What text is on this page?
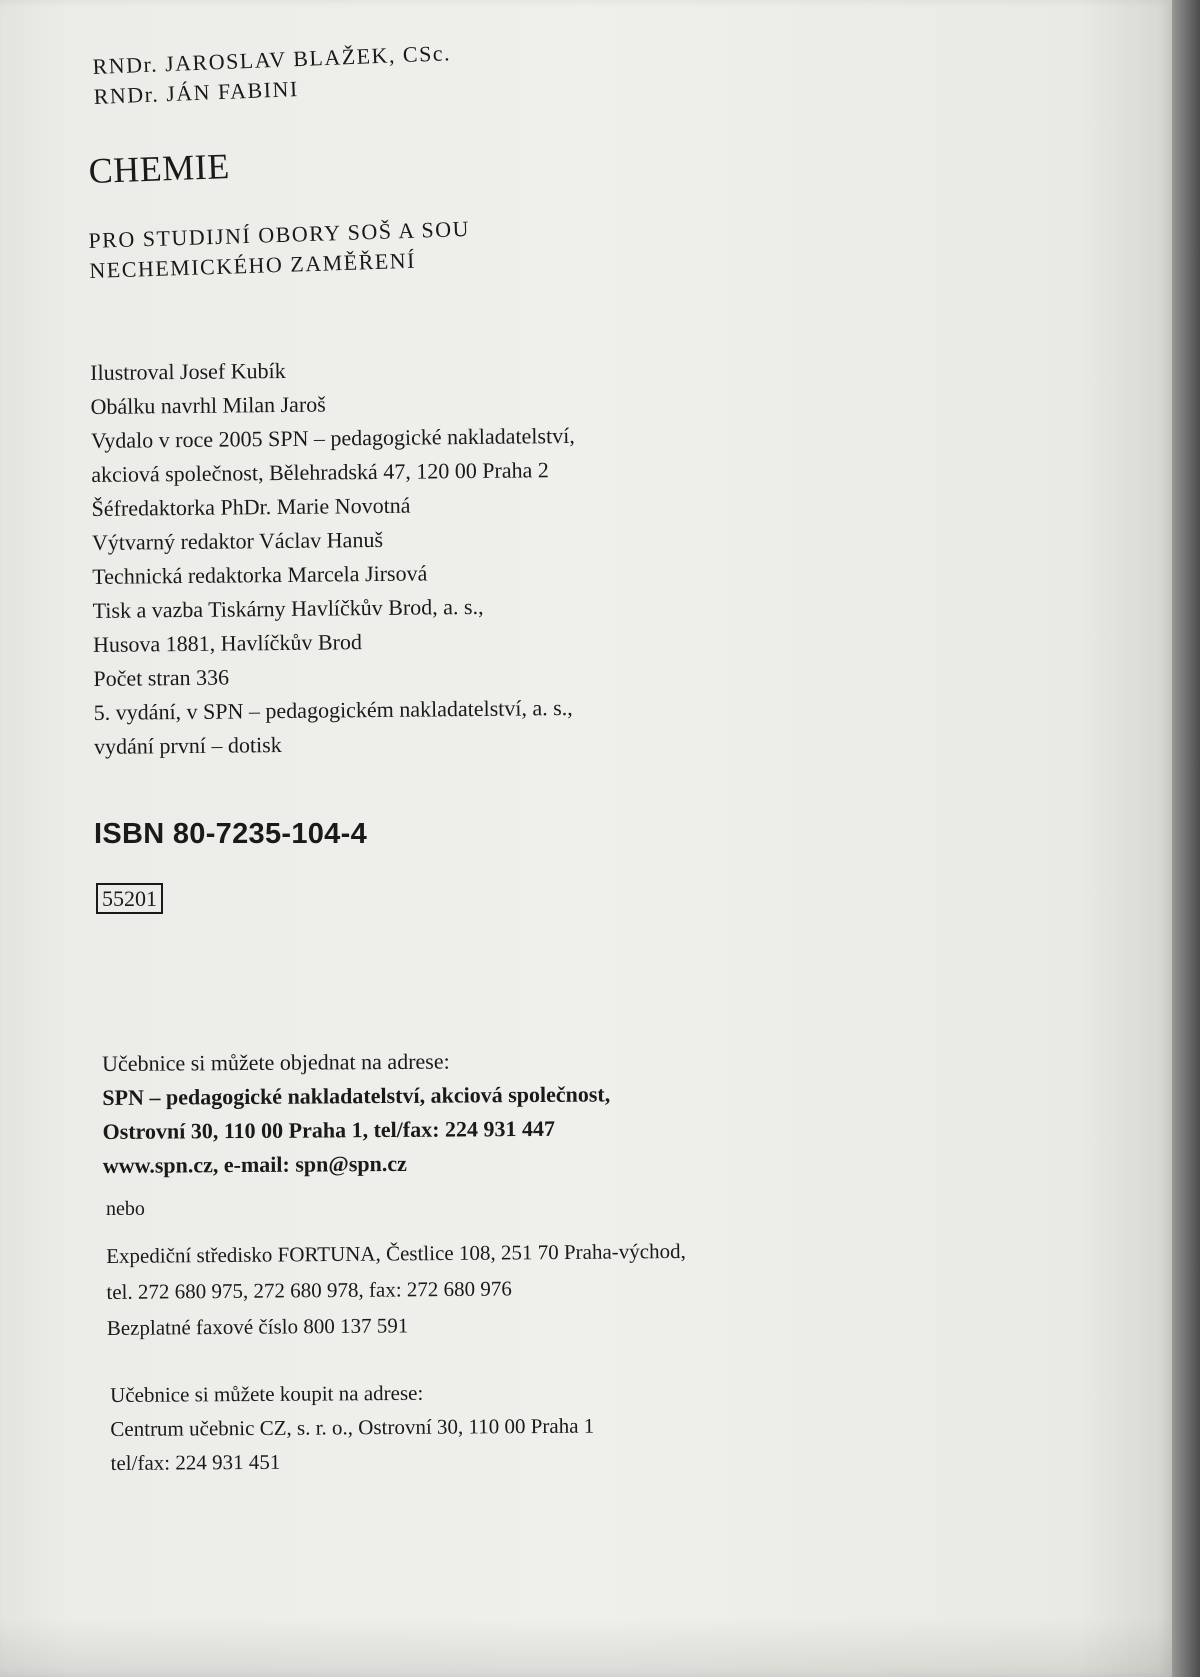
RNDr. JAROSLAV BLAŽEK, CSc.
RNDr. JÁN FABINI
CHEMIE
PRO STUDIJNÍ OBORY SOŠ A SOU
NECHEMICKÉHO ZAMĚŘENÍ
Ilustroval Josef Kubík
Obálku navrhl Milan Jaroš
Vydalo v roce 2005 SPN – pedagogické nakladatelství,
akciová společnost, Bělehradská 47, 120 00 Praha 2
Šéfredaktorka PhDr. Marie Novotná
Výtvarný redaktor Václav Hanuš
Technická redaktorka Marcela Jirsová
Tisk a vazba Tiskárny Havlíčkův Brod, a. s.,
Husova 1881, Havlíčkův Brod
Počet stran 336
5. vydání, v SPN – pedagogickém nakladatelství, a. s.,
vydání první – dotisk
ISBN 80-7235-104-4
55201
Učebnice si můžete objednat na adrese:
SPN – pedagogické nakladatelství, akciová společnost,
Ostrovní 30, 110 00 Praha 1, tel/fax: 224 931 447
www.spn.cz, e-mail: spn@spn.cz
nebo
Expediční středisko FORTUNA, Čestlice 108, 251 70 Praha-východ,
tel. 272 680 975, 272 680 978, fax: 272 680 976
Bezplatné faxové číslo 800 137 591
Učebnice si můžete koupit na adrese:
Centrum učebnic CZ, s. r. o., Ostrovní 30, 110 00 Praha 1
tel/fax: 224 931 451
